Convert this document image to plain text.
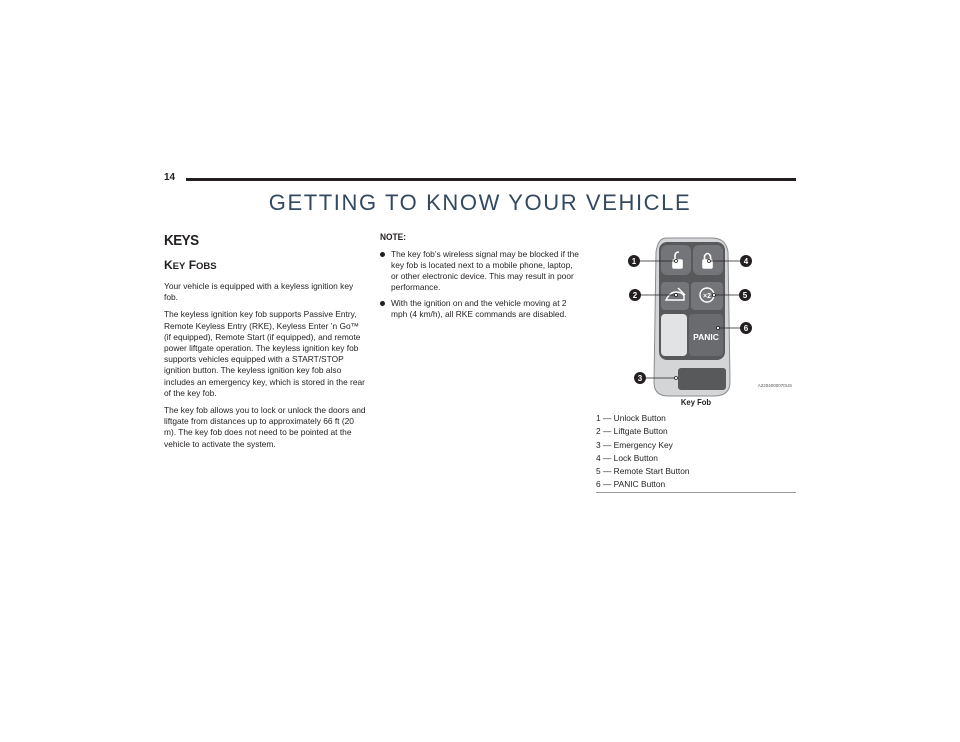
14
GETTING TO KNOW YOUR VEHICLE
KEYS
KEY FOBS

Your vehicle is equipped with a keyless ignition key fob.

The keyless ignition key fob supports Passive Entry, Remote Keyless Entry (RKE), Keyless Enter ’n Go™ (if equipped), Remote Start (if equipped), and remote power liftgate operation. The keyless ignition key fob supports vehicles equipped with a START/STOP ignition button. The keyless ignition key fob also includes an emergency key, which is stored in the rear of the key fob.

The key fob allows you to lock or unlock the doors and liftgate from distances up to approximately 66 ft (20 m). The key fob does not need to be pointed at the vehicle to activate the system.

NOTE:
The key fob’s wireless signal may be blocked if the key fob is located next to a mobile phone, laptop, or other electronic device. This may result in poor performance.
With the ignition on and the vehicle moving at 2 mph (4 km/h), all RKE commands are disabled.
×2
PANIC
1
2
3
4
5
6
A2204000070US
Key Fob
1 — Unlock Button
2 — Liftgate Button
3 — Emergency Key
4 — Lock Button
5 — Remote Start Button
6 — PANIC Button
